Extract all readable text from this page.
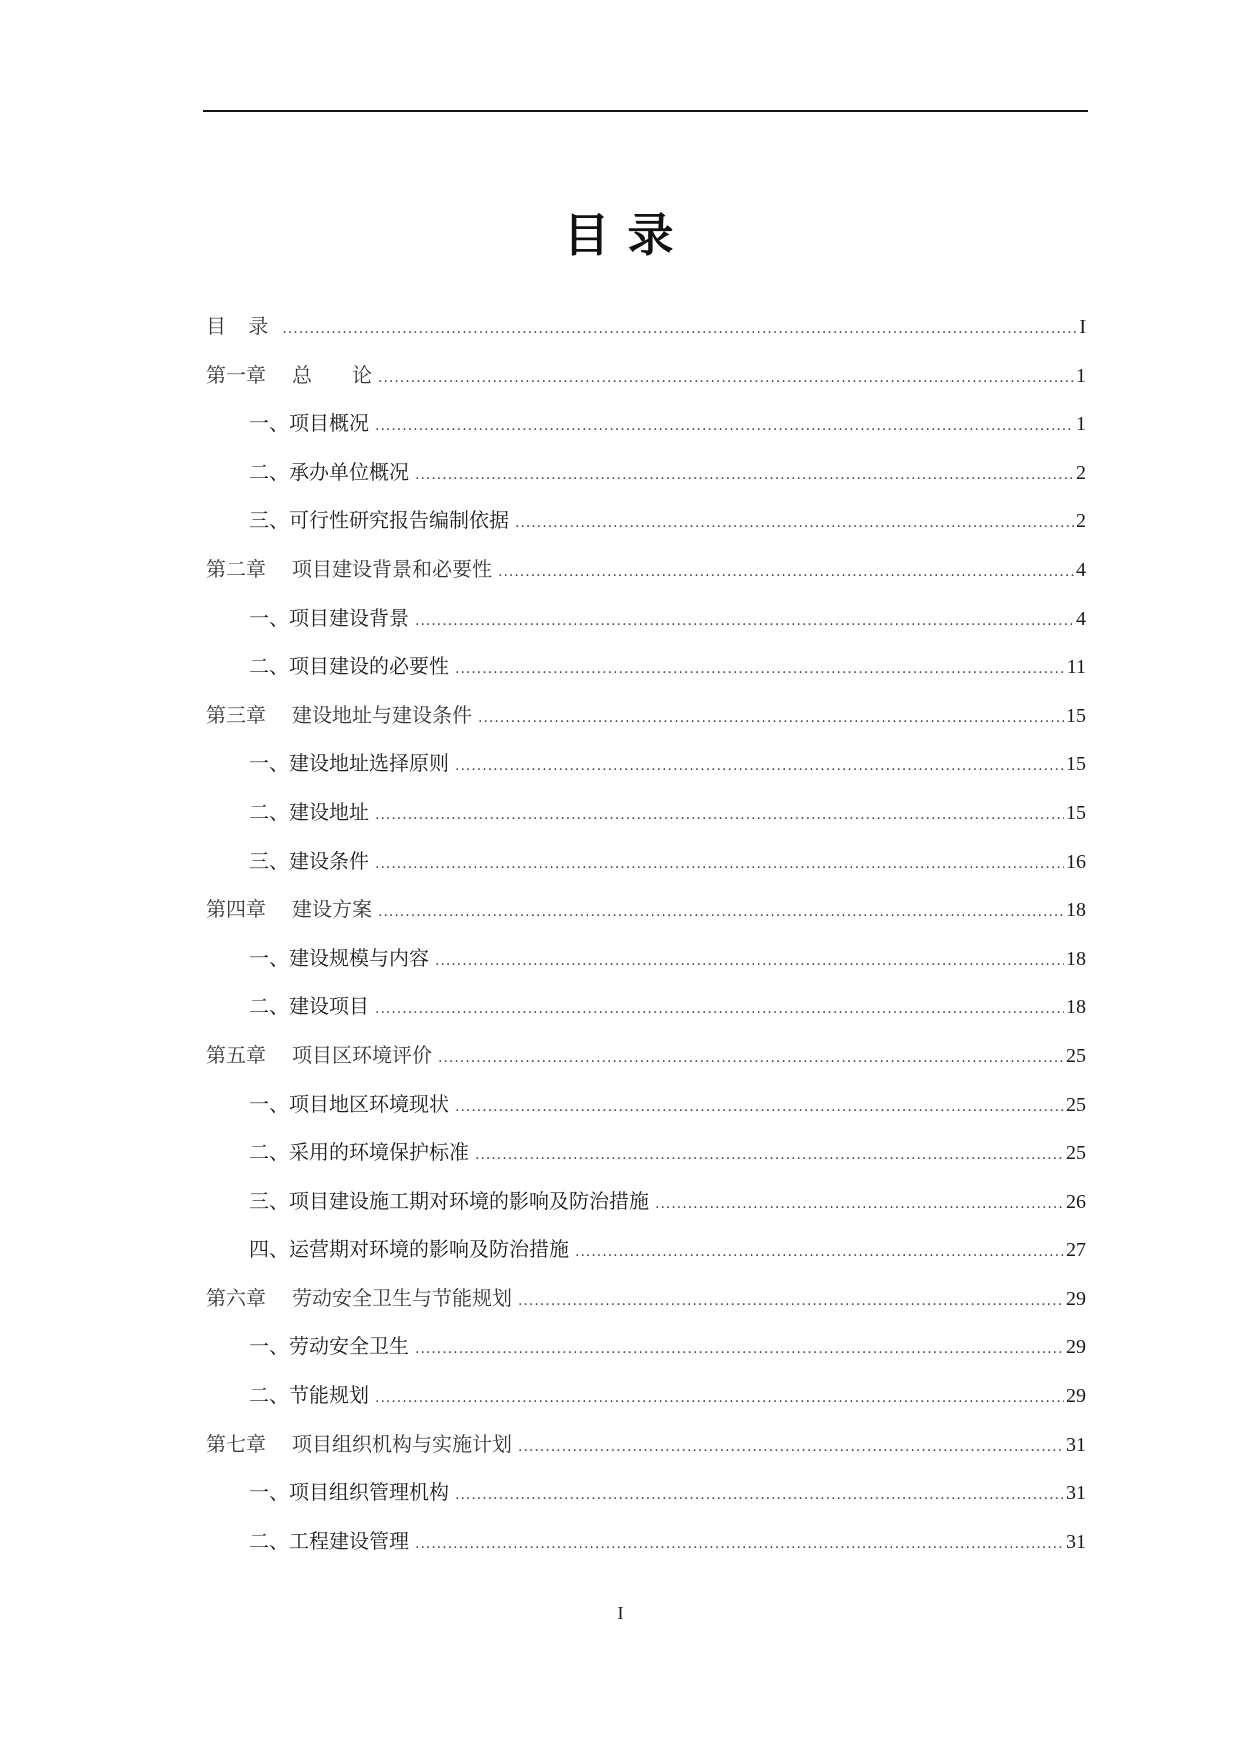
目 录
目 录 .....	I
第一章	总　　论 .....	1
一、项目概况 .....	1
二、承办单位概况 .....	2
三、可行性研究报告编制依据 .....	2
第二章	项目建设背景和必要性 .....	4
一、项目建设背景 .....	4
二、项目建设的必要性 .....	11
第三章	建设地址与建设条件 .....	15
一、建设地址选择原则 .....	15
二、建设地址 .....	15
三、建设条件 .....	16
第四章	建设方案 .....	18
一、建设规模与内容 .....	18
二、建设项目 .....	18
第五章	项目区环境评价 .....	25
一、项目地区环境现状 .....	25
二、采用的环境保护标准 .....	25
三、项目建设施工期对环境的影响及防治措施 .....	26
四、运营期对环境的影响及防治措施 .....	27
第六章	劳动安全卫生与节能规划 .....	29
一、劳动安全卫生 .....	29
二、节能规划 .....	29
第七章	项目组织机构与实施计划 .....	31
一、项目组织管理机构 .....	31
二、工程建设管理 .....	31
I
